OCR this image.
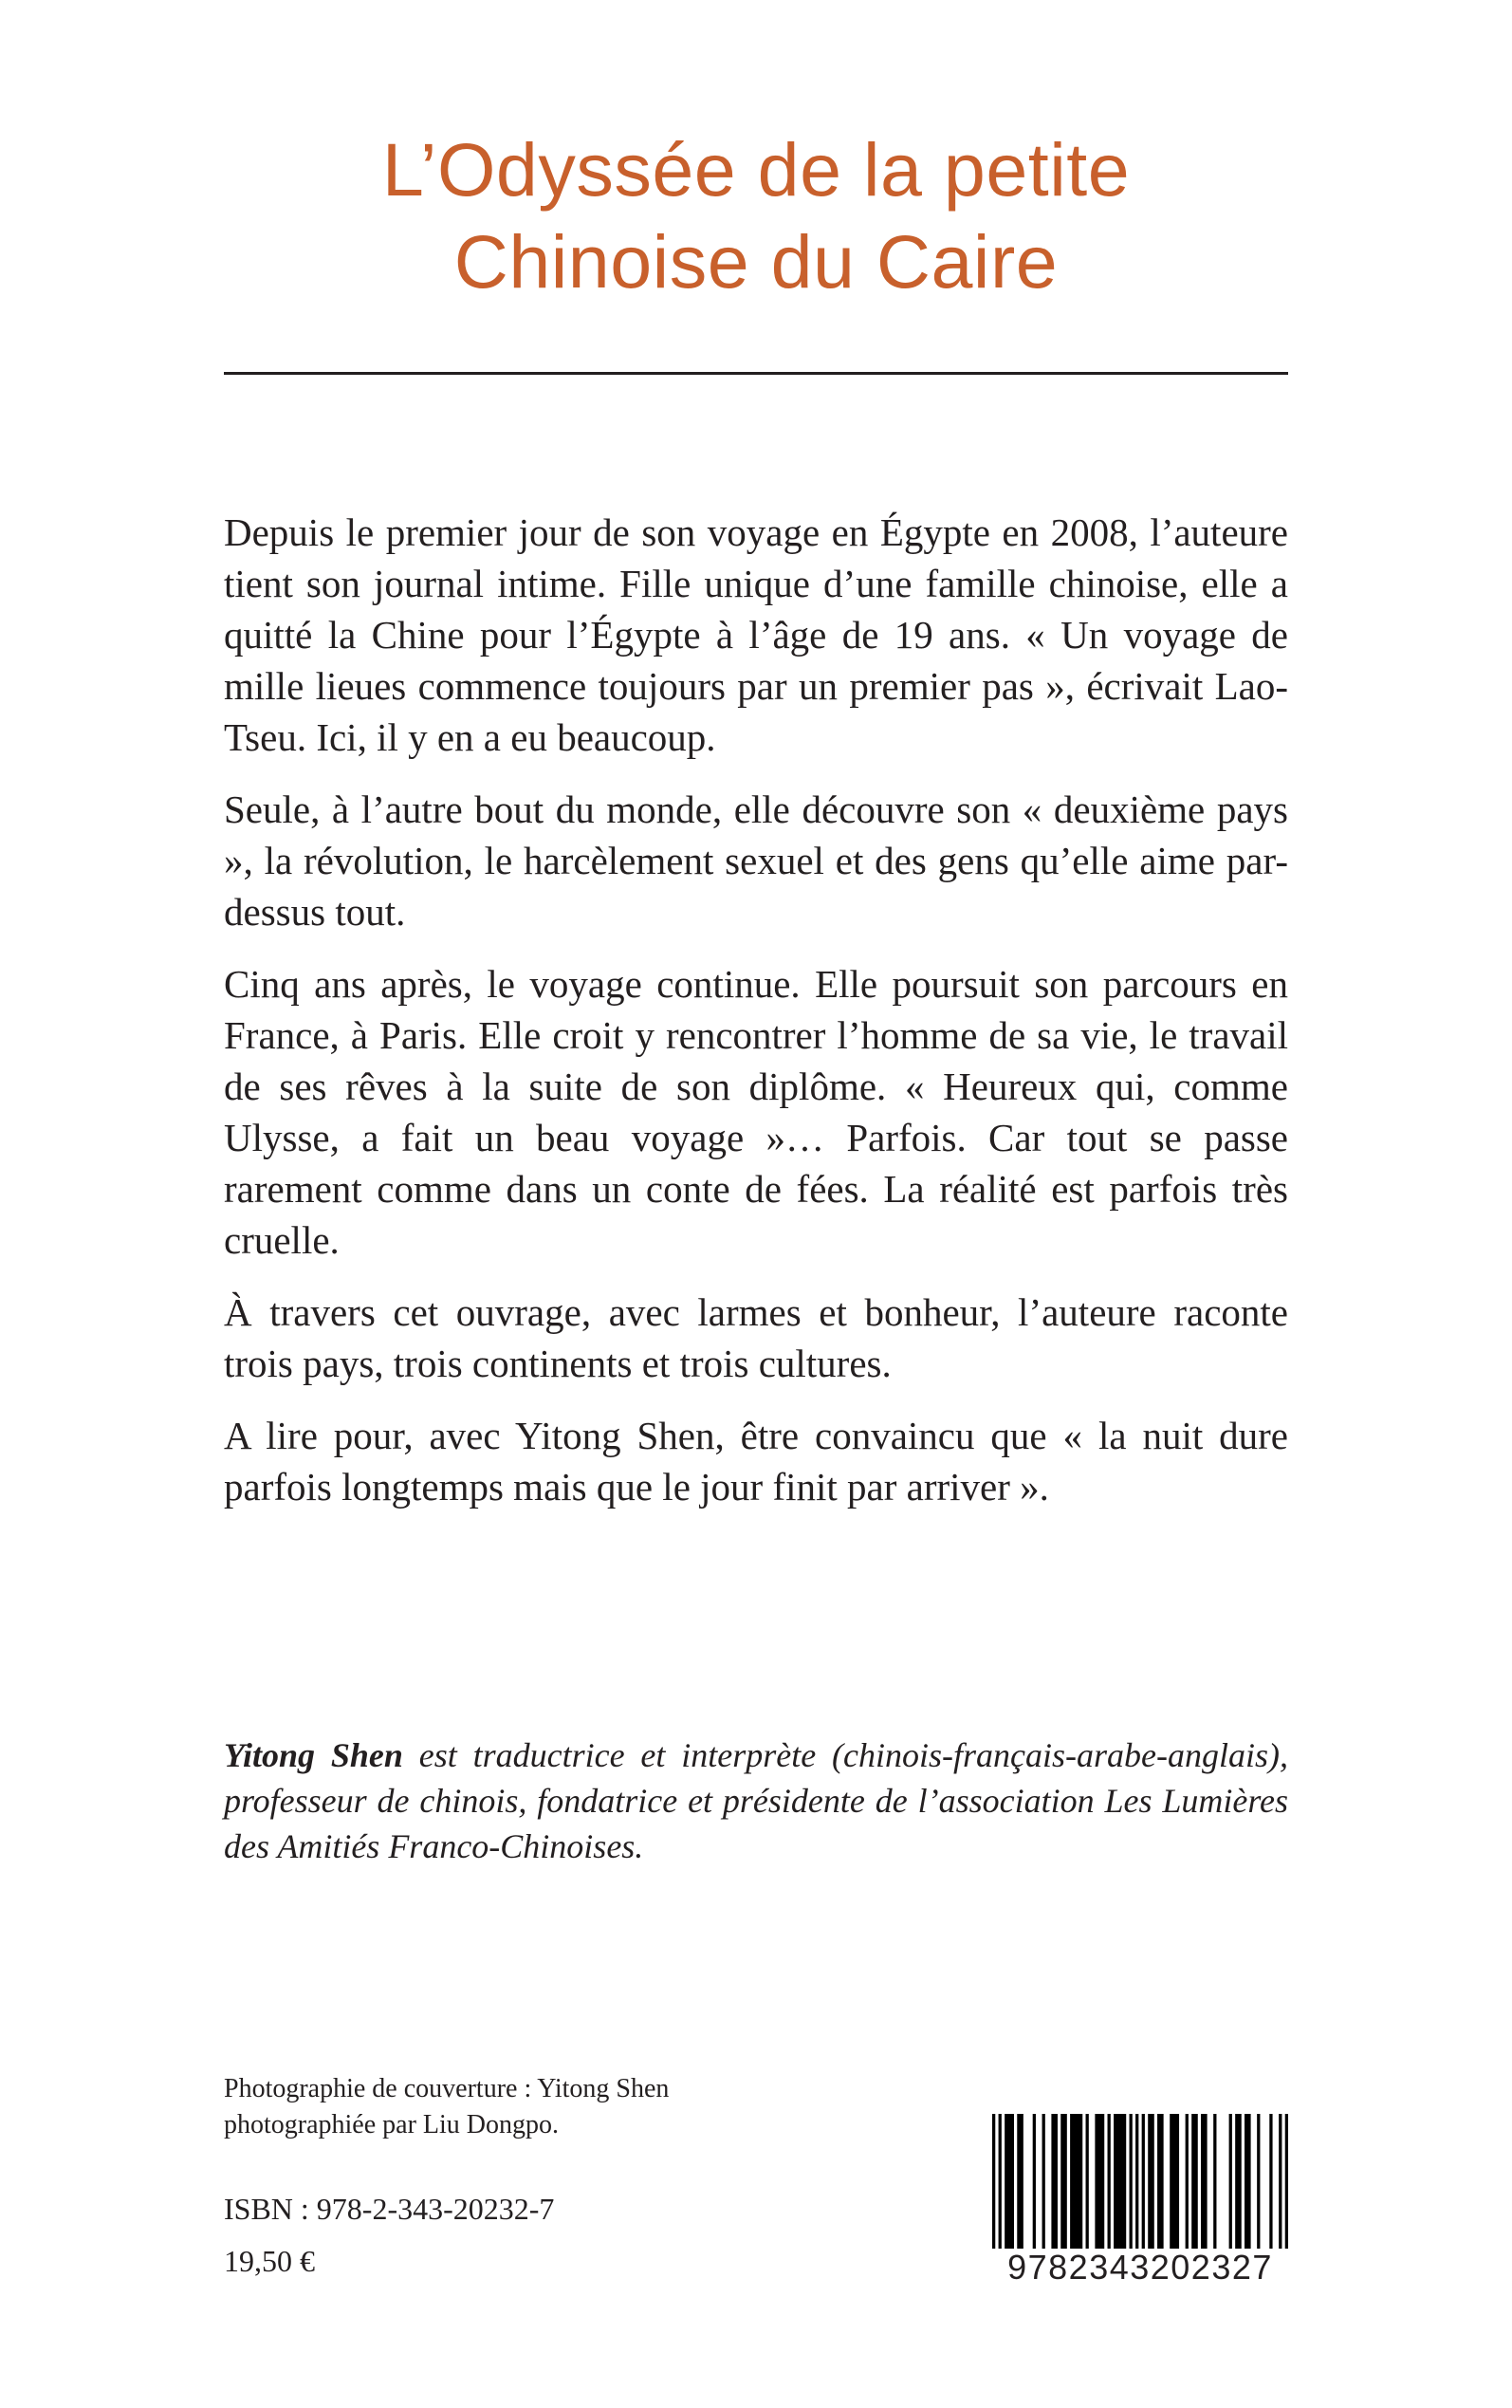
L’Odyssée de la petite
Chinoise du Caire

Depuis le premier jour de son voyage en Égypte en 2008, l’auteure tient son journal intime. Fille unique d’une famille chinoise, elle a quitté la Chine pour l’Égypte à l’âge de 19 ans. « Un voyage de mille lieues commence toujours par un premier pas », écrivait Lao-Tseu. Ici, il y en a eu beaucoup.

Seule, à l’autre bout du monde, elle découvre son « deuxième pays », la révolution, le harcèlement sexuel et des gens qu’elle aime par-dessus tout.

Cinq ans après, le voyage continue. Elle poursuit son parcours en France, à Paris. Elle croit y rencontrer l’homme de sa vie, le travail de ses rêves à la suite de son diplôme. « Heureux qui, comme Ulysse, a fait un beau voyage »… Parfois. Car tout se passe rarement comme dans un conte de fées. La réalité est parfois très cruelle.

À travers cet ouvrage, avec larmes et bonheur, l’auteure raconte trois pays, trois continents et trois cultures.

A lire pour, avec Yitong Shen, être convaincu que « la nuit dure parfois longtemps mais que le jour finit par arriver ».

Yitong Shen est traductrice et interprète (chinois-français-arabe-anglais), professeur de chinois, fondatrice et présidente de l’association Les Lumières des Amitiés Franco-Chinoises.
Photographie de couverture : Yitong Shen
photographiée par Liu Dongpo.
ISBN : 978-2-343-20232-7
19,50 €	9782343202327
